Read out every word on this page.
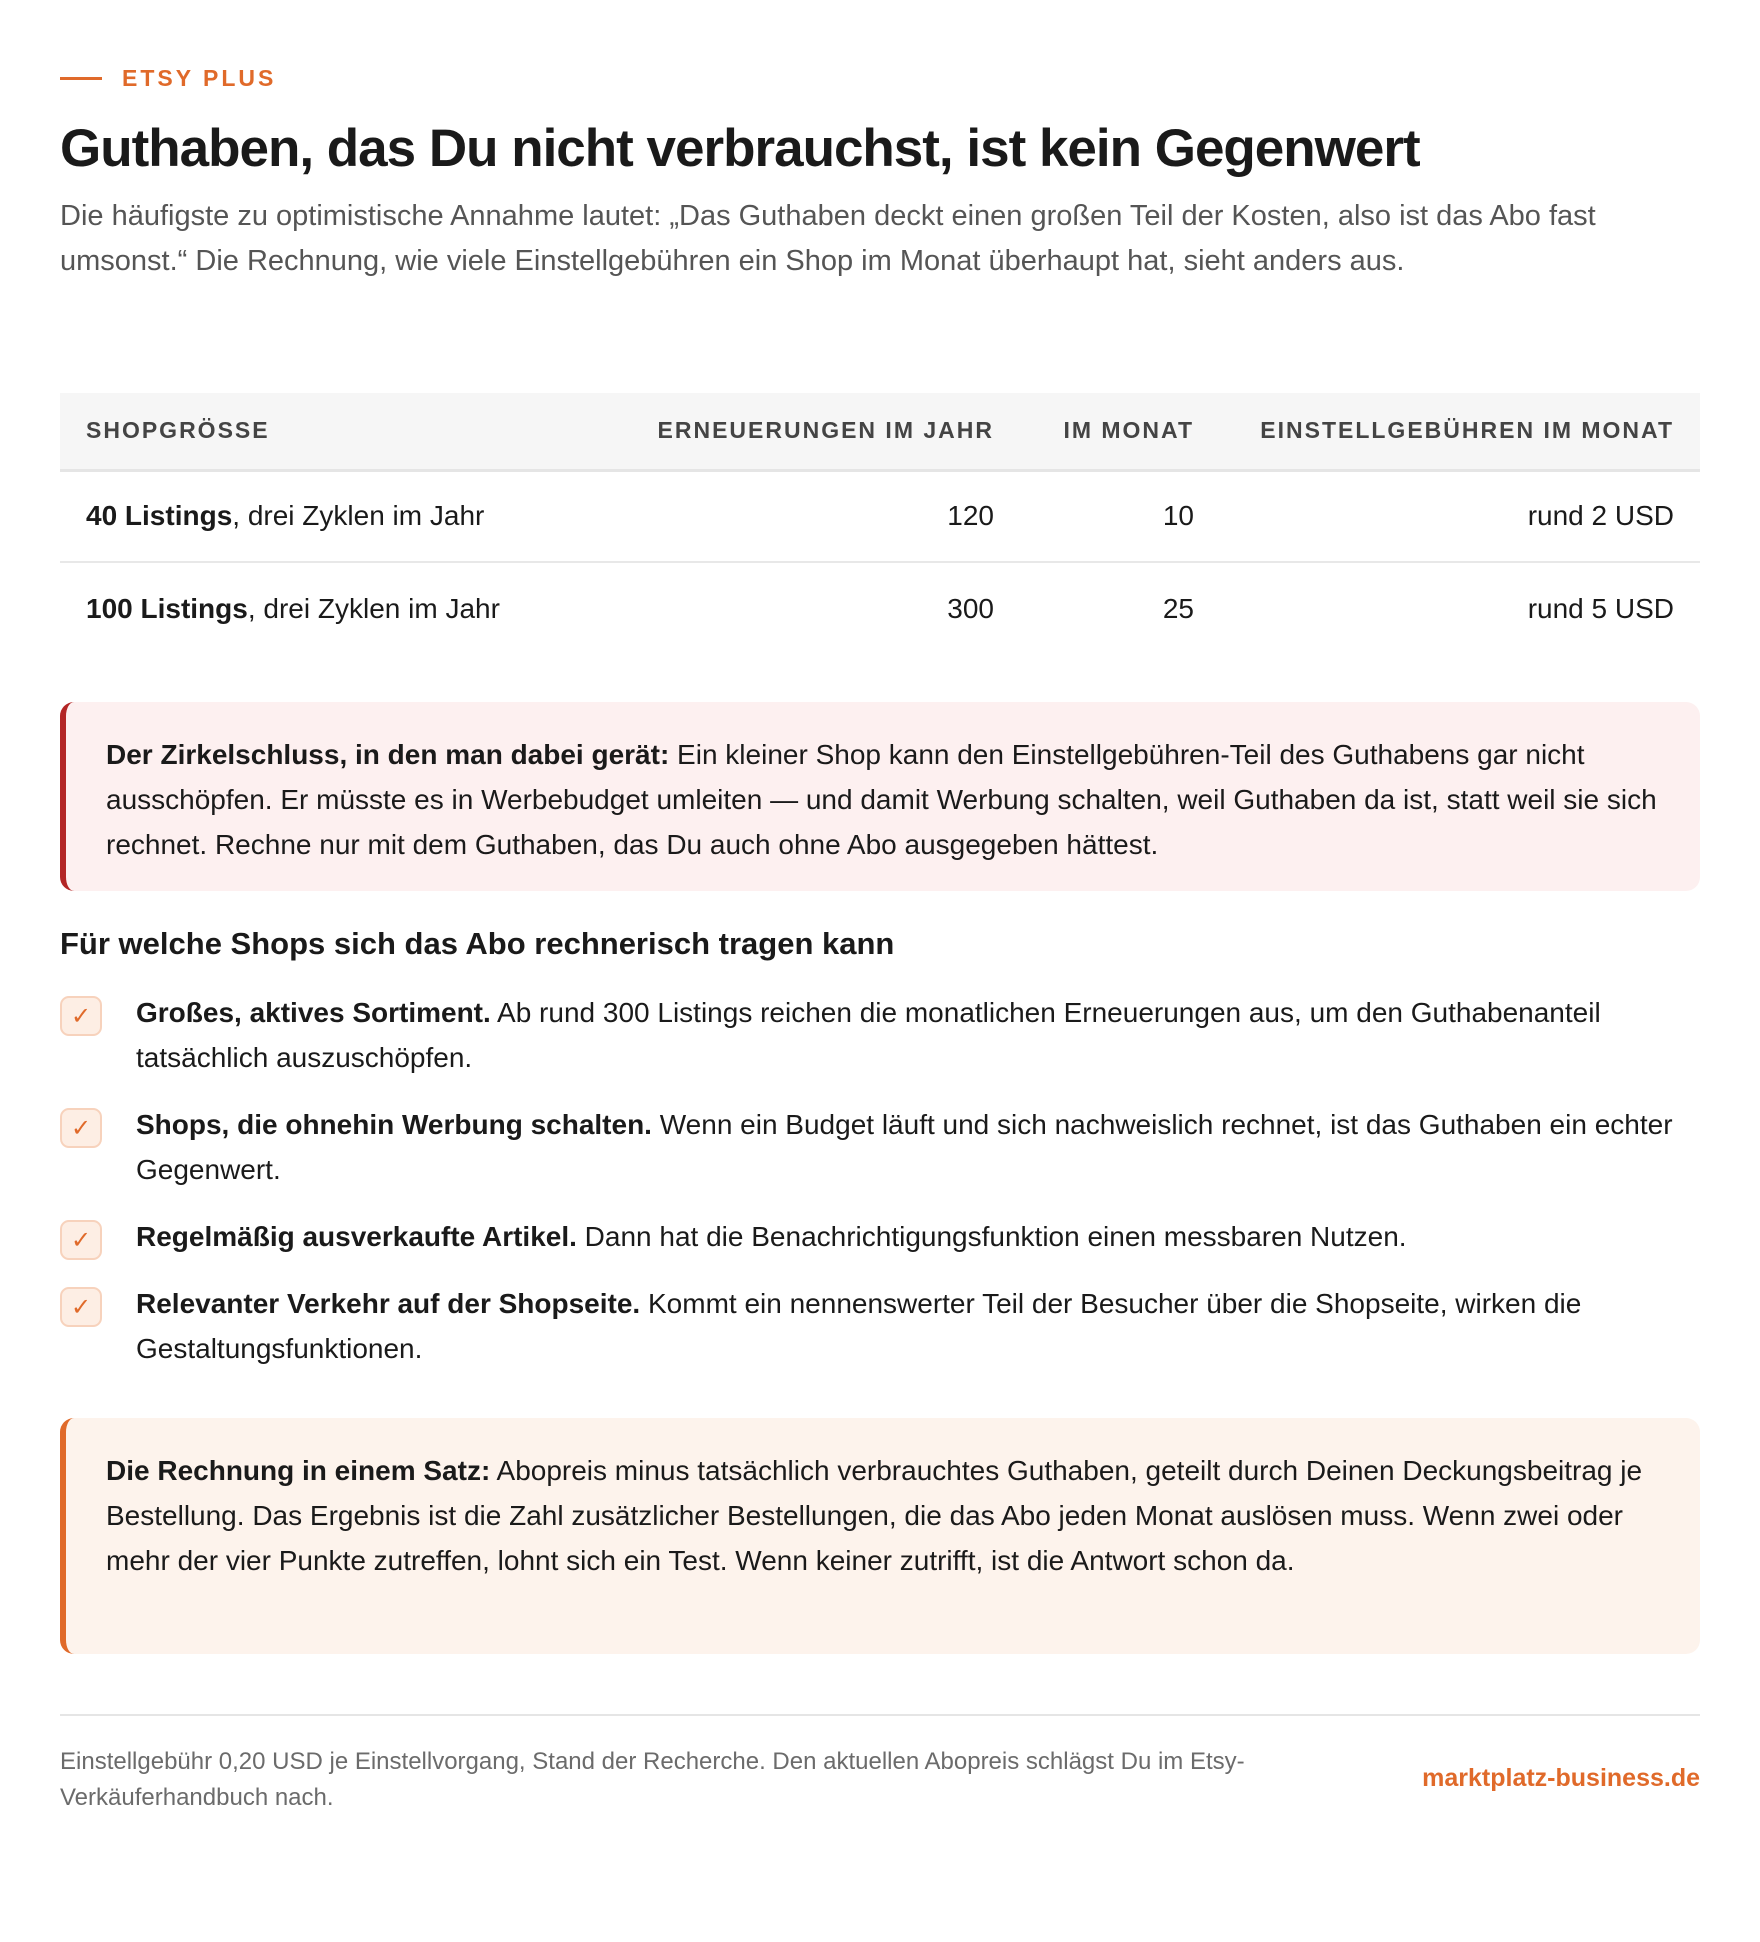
ETSY PLUS
Guthaben, das Du nicht verbrauchst, ist kein Gegenwert

Die häufigste zu optimistische Annahme lautet: „Das Guthaben deckt einen großen Teil der Kosten, also ist das Abo fast umsonst.“ Die Rechnung, wie viele Einstellgebühren ein Shop im Monat überhaupt hat, sieht anders aus.

SHOPGRÖSSE	ERNEUERUNGEN IM JAHR	IM MONAT	EINSTELLGEBÜHREN IM MONAT
40 Listings, drei Zyklen im Jahr	120	10	rund 2 USD
100 Listings, drei Zyklen im Jahr	300	25	rund 5 USD
Der Zirkelschluss, in den man dabei gerät: Ein kleiner Shop kann den Einstellgebühren-Teil des Guthabens gar nicht ausschöpfen. Er müsste es in Werbebudget umleiten — und damit Werbung schalten, weil Guthaben da ist, statt weil sie sich rechnet. Rechne nur mit dem Guthaben, das Du auch ohne Abo ausgegeben hättest.
Für welche Shops sich das Abo rechnerisch tragen kann
✓	Großes, aktives Sortiment. Ab rund 300 Listings reichen die monatlichen Erneuerungen aus, um den Guthabenanteil tatsächlich auszuschöpfen.
✓	Shops, die ohnehin Werbung schalten. Wenn ein Budget läuft und sich nachweislich rechnet, ist das Guthaben ein echter Gegenwert.
✓	Regelmäßig ausverkaufte Artikel. Dann hat die Benachrichtigungsfunktion einen messbaren Nutzen.
✓	Relevanter Verkehr auf der Shopseite. Kommt ein nennenswerter Teil der Besucher über die Shopseite, wirken die Gestaltungsfunktionen.
Die Rechnung in einem Satz: Abopreis minus tatsächlich verbrauchtes Guthaben, geteilt durch Deinen Deckungsbeitrag je Bestellung. Das Ergebnis ist die Zahl zusätzlicher Bestellungen, die das Abo jeden Monat auslösen muss. Wenn zwei oder mehr der vier Punkte zutreffen, lohnt sich ein Test. Wenn keiner zutrifft, ist die Antwort schon da.

Einstellgebühr 0,20 USD je Einstellvorgang, Stand der Recherche. Den aktuellen Abopreis schlägst Du im Etsy-Verkäuferhandbuch nach.

marktplatz-business.de
